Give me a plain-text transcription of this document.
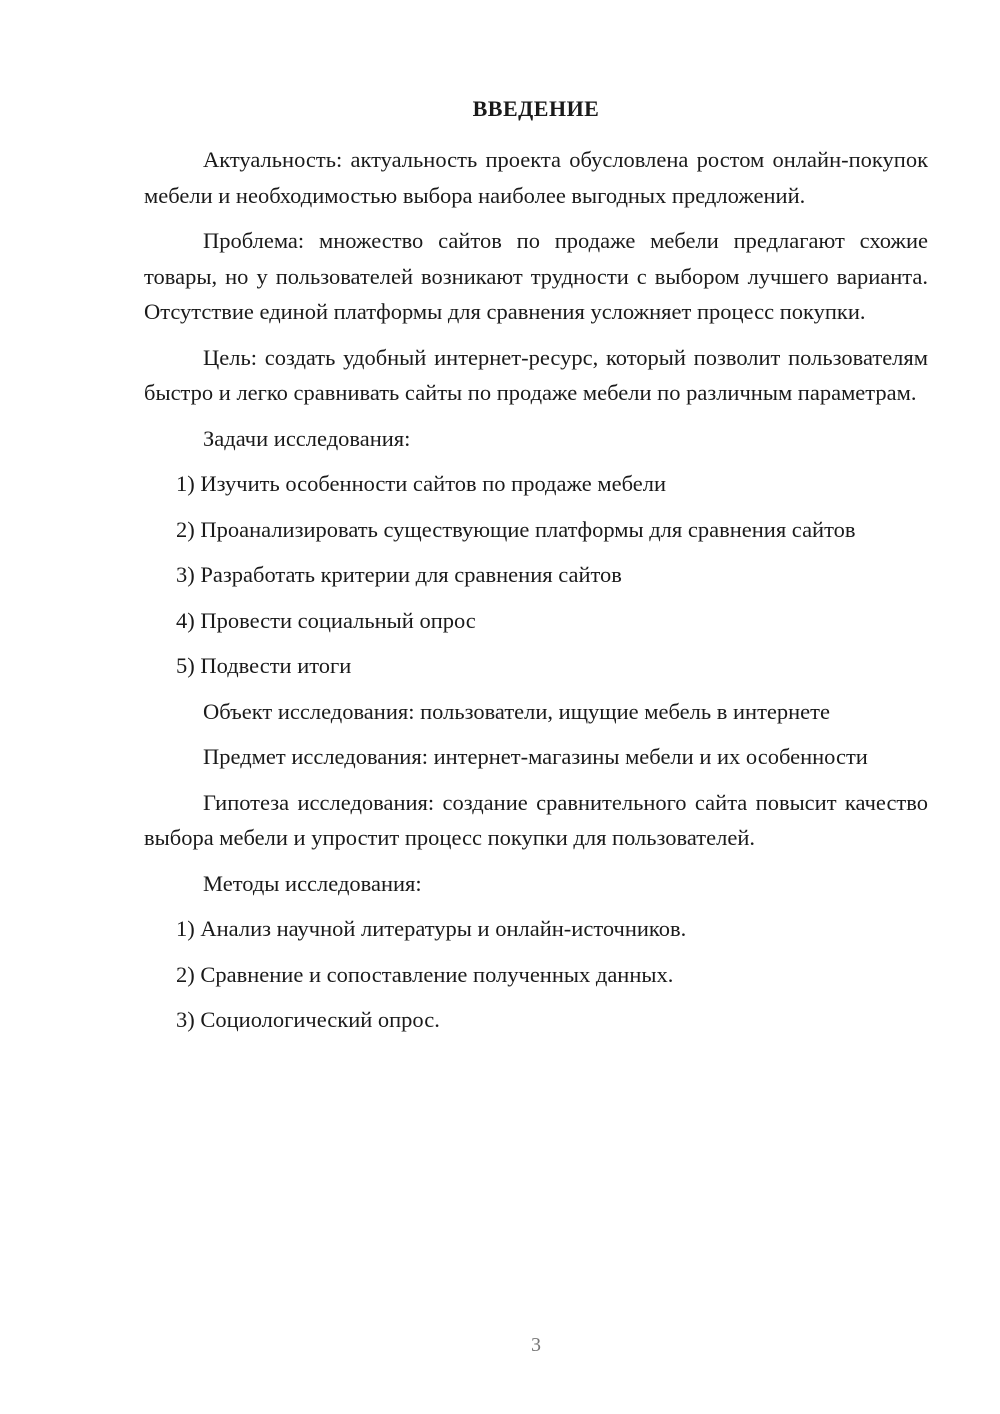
ВВЕДЕНИЕ
Актуальность: актуальность проекта обусловлена ростом онлайн-покупок мебели и необходимостью выбора наиболее выгодных предложений.
Проблема: множество сайтов по продаже мебели предлагают схожие товары, но у пользователей возникают трудности с выбором лучшего варианта. Отсутствие единой платформы для сравнения усложняет процесс покупки.
Цель: создать удобный интернет-ресурс, который позволит пользователям быстро и легко сравнивать сайты по продаже мебели по различным параметрам.
Задачи исследования:
1) Изучить особенности сайтов по продаже мебели
2) Проанализировать существующие платформы для сравнения сайтов
3) Разработать критерии для сравнения сайтов
4) Провести социальный опрос
5) Подвести итоги
Объект исследования: пользователи, ищущие мебель в интернете
Предмет исследования: интернет-магазины мебели и их особенности
Гипотеза исследования: создание сравнительного сайта повысит качество выбора мебели и упростит процесс покупки для пользователей.
Методы исследования:
1) Анализ научной литературы и онлайн-источников.
2) Сравнение и сопоставление полученных данных.
3) Социологический опрос.
3
